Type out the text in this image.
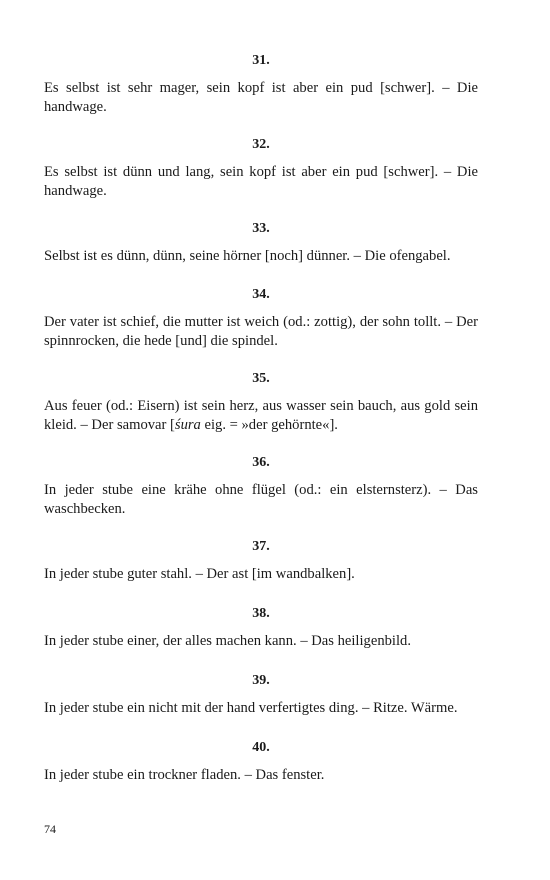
31.
Es selbst ist sehr mager, sein kopf ist aber ein pud [schwer]. – Die handwage.
32.
Es selbst ist dünn und lang, sein kopf ist aber ein pud [schwer]. – Die handwage.
33.
Selbst ist es dünn, dünn, seine hörner [noch] dünner. – Die ofengabel.
34.
Der vater ist schief, die mutter ist weich (od.: zottig), der sohn tollt. – Der spinnrocken, die hede [und] die spindel.
35.
Aus feuer (od.: Eisern) ist sein herz, aus wasser sein bauch, aus gold sein kleid. – Der samovar [śura eig. = »der gehörnte«].
36.
In jeder stube eine krähe ohne flügel (od.: ein elsternsterz). – Das waschbecken.
37.
In jeder stube guter stahl. – Der ast [im wandbalken].
38.
In jeder stube einer, der alles machen kann. – Das heiligenbild.
39.
In jeder stube ein nicht mit der hand verfertigtes ding. – Ritze. Wärme.
40.
In jeder stube ein trockner fladen. – Das fenster.
74
